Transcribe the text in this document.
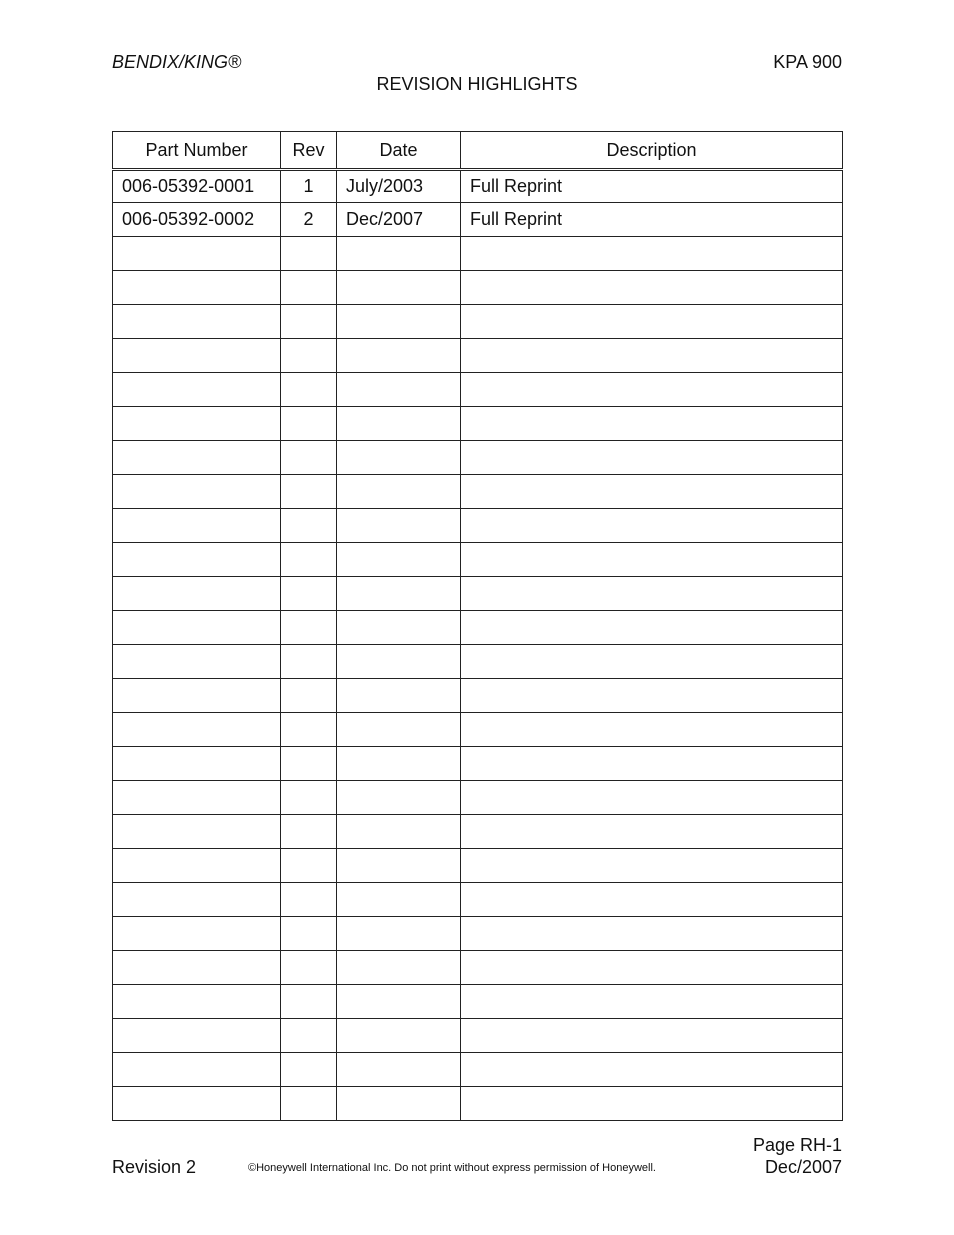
BENDIX/KING®	KPA 900
REVISION HIGHLIGHTS
Part Number	Rev	Date	Description
006-05392-0001	1	July/2003	Full Reprint
006-05392-0002	2	Dec/2007	Full Reprint

Page RH-1
Dec/2007
Revision 2	©Honeywell International Inc. Do not print without express permission of Honeywell.
